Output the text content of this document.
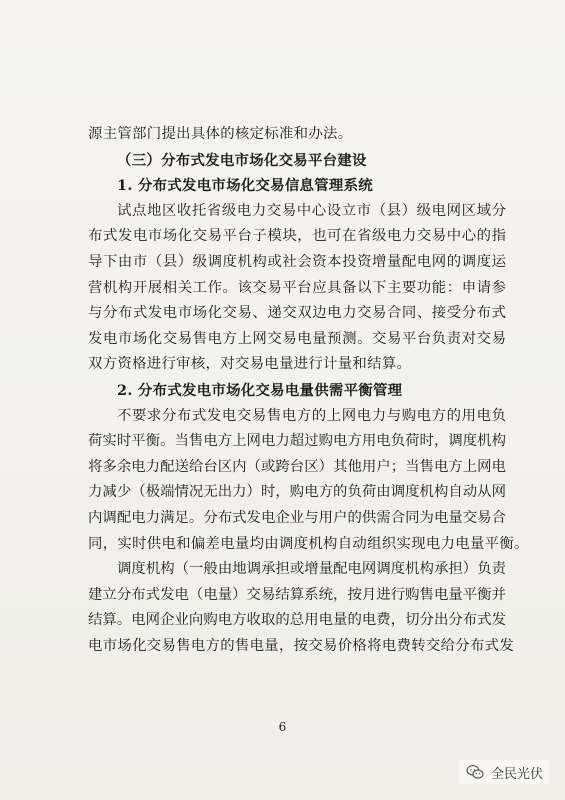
源主管部门提出具体的核定标准和办法。
（三）分布式发电市场化交易平台建设
1. 分布式发电市场化交易信息管理系统
试点地区收托省级电力交易中心设立市（县）级电网区域分
布式发电市场化交易平台子模块，也可在省级电力交易中心的指
导下由市（县）级调度机构或社会资本投资增量配电网的调度运
营机构开展相关工作。该交易平台应具备以下主要功能：申请参
与分布式发电市场化交易、递交双边电力交易合同、接受分布式
发电市场化交易售电方上网交易电量预测。交易平台负责对交易
双方资格进行审核，对交易电量进行计量和结算。
2. 分布式发电市场化交易电量供需平衡管理
不要求分布式发电交易售电方的上网电力与购电方的用电负
荷实时平衡。当售电方上网电力超过购电方用电负荷时，调度机构
将多余电力配送给台区内（或跨台区）其他用户；当售电方上网电
力减少（极端情况无出力）时，购电方的负荷由调度机构自动从网
内调配电力满足。分布式发电企业与用户的供需合同为电量交易合
同，实时供电和偏差电量均由调度机构自动组织实现电力电量平衡。
调度机构（一般由地调承担或增量配电网调度机构承担）负责
建立分布式发电（电量）交易结算系统，按月进行购售电量平衡并
结算。电网企业向购电方收取的总用电量的电费，切分出分布式发
电市场化交易售电方的售电量，按交易价格将电费转交给分布式发
6
全民光伏
